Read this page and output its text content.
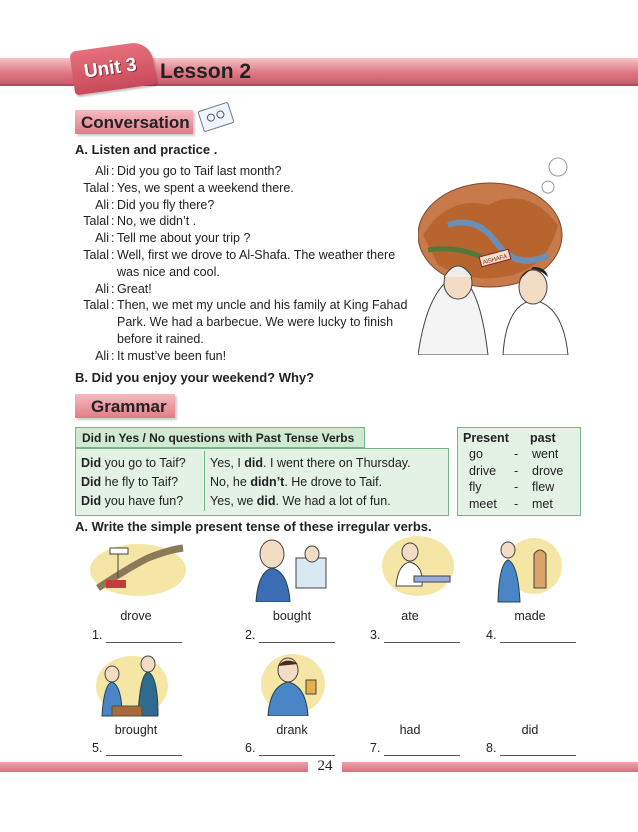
Unit 3 Lesson 2
Conversation
A. Listen and practice .
Ali : Did you go to Taif last month?
Talal : Yes, we spent a weekend there.
Ali : Did you fly there?
Talal : No, we didn’t .
Ali : Tell me about your trip ?
Talal : Well, first we drove to Al-Shafa. The weather there
was nice and cool.
Ali : Great!
Talal : Then, we met my uncle and his family at King Fahad
Park. We had a barbecue. We were lucky to finish
before it rained.
Ali : It must’ve been fun!
AlSHAFA
B. Did you enjoy your weekend? Why?
Grammar
Did in Yes / No questions with Past Tense Verbs
Did you go to Taif? Yes, I did. I went there on Thursday.
Did he fly to Taif?	No, he didn’t. He drove to Taif.
Did you have fun? Yes, we did. We had a lot of fun.
Present past
go - went
drive - drove
fly	- flew
meet - met
A. Write the simple present tense of these irregular verbs.
drove
1.
bought
2.
ate
3.
made
4.
brought
5.
drank
6.
had
7.
did
8.
24
